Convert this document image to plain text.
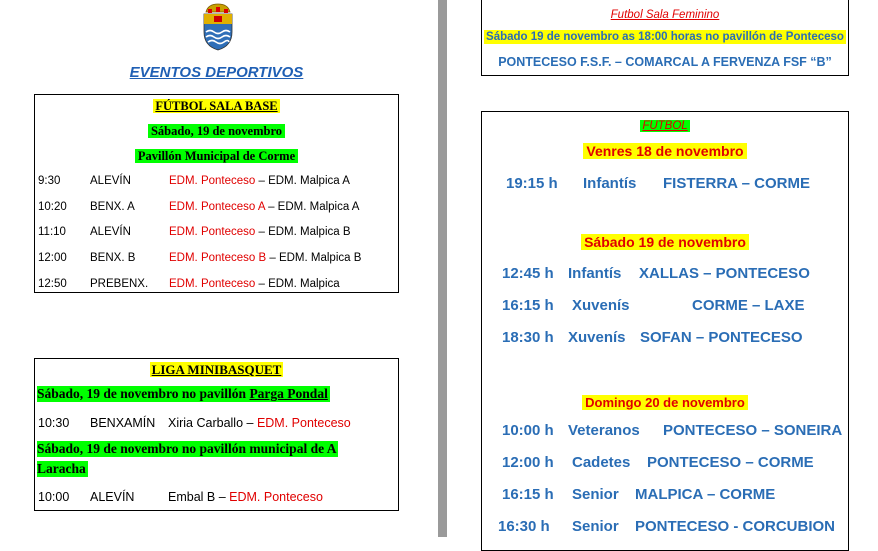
EVENTOS DEPORTIVOS
FÚTBOL SALA BASE
Sábado, 19 de novembro
Pavillón Municipal de Corme
9:30	ALEVÍN	EDM. Ponteceso – EDM. Malpica A
10:20 BENX. A	EDM. Ponteceso A – EDM. Malpica A
11:10 ALEVÍN	EDM. Ponteceso – EDM. Malpica B
12:00 BENX. B	EDM. Ponteceso B – EDM. Malpica B
12:50 PREBENX. EDM. Ponteceso – EDM. Malpica
LIGA MINIBASQUET
Sábado, 19 de novembro no pavillón Parga Pondal
10:30 BENXAMÍN Xiria Carballo – EDM. Ponteceso
Sábado, 19 de novembro no pavillón municipal de A
Laracha
10:00 ALEVÍN	Embal B – EDM. Ponteceso
Futbol Sala Feminino
Sábado 19 de novembro as 18:00 horas no pavillón de Ponteceso
PONTECESO F.S.F. – COMARCAL A FERVENZA FSF “B”
FUTBOL
Venres 18 de novembro
19:15 h Infantís FISTERRA – CORME
Sábado 19 de novembro
12:45 h Infantís XALLAS – PONTECESO
16:15 h Xuvenís	CORME – LAXE
18:30 h Xuvenís SOFAN – PONTECESO
Domingo 20 de novembro
10:00 h Veteranos PONTECESO – SONEIRA
12:00 h Cadetes PONTECESO – CORME
16:15 h Senior MALPICA – CORME
16:30 h Senior PONTECESO - CORCUBION
